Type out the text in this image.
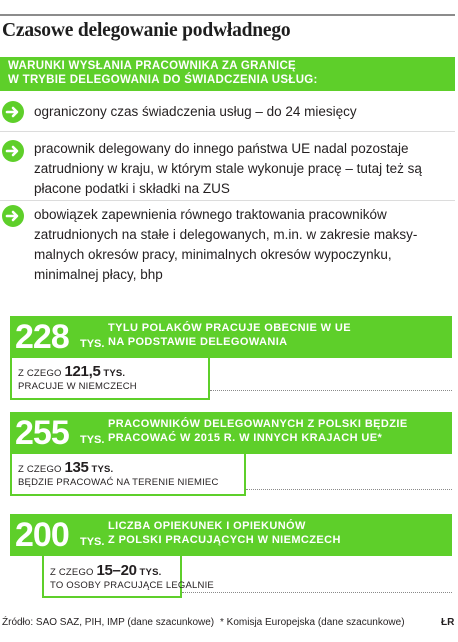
Czasowe delegowanie podwładnego
WARUNKI WYSŁANIA PRACOWNIKA ZA GRANICĘ
W TRYBIE DELEGOWANIA DO ŚWIADCZENIA USŁUG:
ograniczony czas świadczenia usług – do 24 miesięcy
pracownik delegowany do innego państwa UE nadal pozostaje
zatrudniony w kraju, w którym stale wykonuje pracę – tutaj też są
płacone podatki i składki na ZUS
obowiązek zapewnienia równego traktowania pracowników
zatrudnionych na stałe i delegowanych, m.in. w zakresie maksy-
malnych okresów pracy, minimalnych okresów wypoczynku,
minimalnej płacy, bhp
228 TYS.
TYLU POLAKÓW PRACUJE OBECNIE W UE
NA PODSTAWIE DELEGOWANIA
Z CZEGO 121,5 TYS.
PRACUJE W NIEMCZECH
255 TYS.
PRACOWNIKÓW DELEGOWANYCH Z POLSKI BĘDZIE
PRACOWAĆ W 2015 R. W INNYCH KRAJACH UE*
Z CZEGO 135 TYS.
BĘDZIE PRACOWAĆ NA TERENIE NIEMIEC
200 TYS.
LICZBA OPIEKUNEK I OPIEKUNÓW
Z POLSKI PRACUJĄCYCH W NIEMCZECH
Z CZEGO 15–20 TYS.
TO OSOBY PRACUJĄCE LEGALNIE
Źródło: SAO SAZ, PIH, IMP (dane szacunkowe) * Komisja Europejska (dane szacunkowe)	ŁR
